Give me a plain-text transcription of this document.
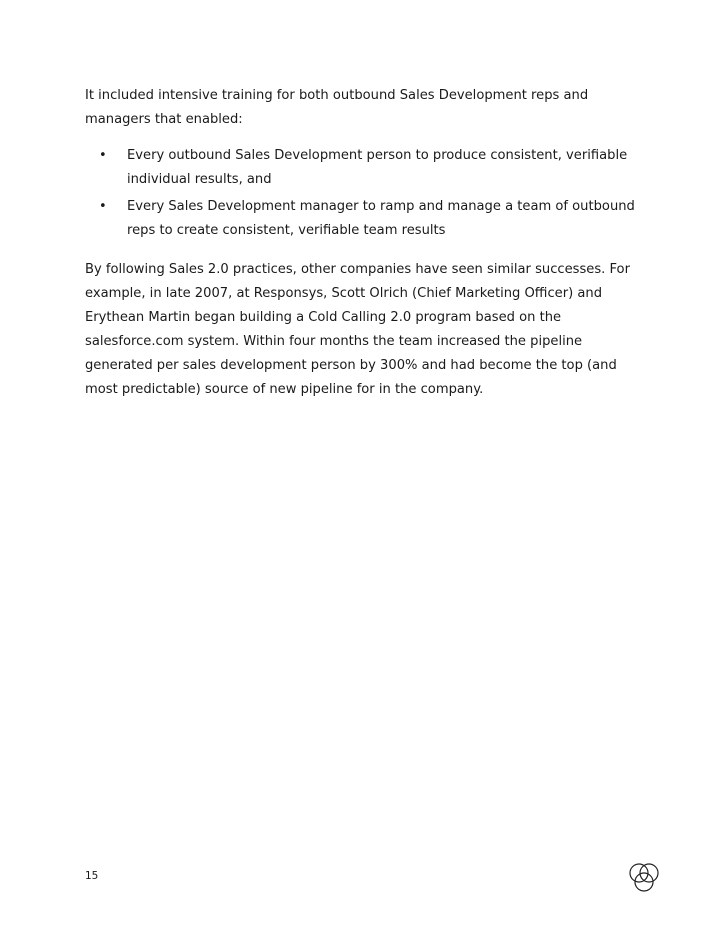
It included intensive training for both outbound Sales Development reps and managers that enabled:

• Every outbound Sales Development person to produce consistent, verifiable individual results, and
• Every Sales Development manager to ramp and manage a team of outbound reps to create consistent, verifiable team results

By following Sales 2.0 practices, other companies have seen similar successes. For example, in late 2007, at Responsys, Scott Olrich (Chief Marketing Officer) and Erythean Martin began building a Cold Calling 2.0 program based on the salesforce.com system. Within four months the team increased the pipeline generated per sales development person by 300% and had become the top (and most predictable) source of new pipeline for in the company.

15
